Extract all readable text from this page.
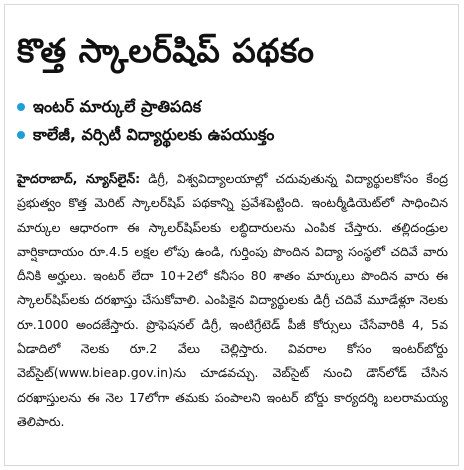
కొత్త స్కాలర్‌షిప్‌ పథకం
ఇంటర్‌ మార్కులే ప్రాతిపదిక
కాలేజీ, వర్సిటీ విద్యార్థులకు ఉపయుక్తం

హైదరాబాద్‌, న్యూస్‌లైన్‌: డిగ్రీ, విశ్వవిద్యాలయాల్లో చదువుతున్న విద్యార్థులకోసం కేంద్ర ప్రభుత్వం కొత్త మెరిట్‌ స్కాలర్‌షిప్‌ పథకాన్ని ప్రవేశపెట్టింది. ఇంటర్మీడియెట్‌లో సాధించిన మార్కుల ఆధారంగా ఈ స్కాలర్‌షిప్‌లకు లబ్ధిదారులను ఎంపిక చేస్తారు. తల్లిదండ్రుల వార్షికాదాయం రూ.4.5 లక్షల లోపు ఉండి, గుర్తింపు పొందిన విద్యా సంస్థలో చదివే వారు దీనికి అర్హులు. ఇంటర్‌ లేదా 10+2లో కనీసం 80 శాతం మార్కులు పొందిన వారు ఈ స్కాలర్‌షిప్‌లకు దరఖాస్తు చేసుకోవాలి. ఎంపికైన విద్యార్థులకు డిగ్రీ చదివే మూడేళ్లూ నెలకు రూ.1000 అందజేస్తారు. ప్రొఫెషనల్‌ డిగ్రీ, ఇంటిగ్రేటెడ్‌ పీజీ కోర్సులు చేసేవారికి 4, 5వ ఏడాదిలో నెలకు రూ.2 వేలు చెల్లిస్తారు. వివరాల కోసం ఇంటర్‌బోర్డు వెబ్‌సైట్‌(www.bieap.gov.in)ను చూడవచ్చు. వెబ్‌సైట్‌ నుంచి డౌన్‌లోడ్‌ చేసిన దరఖాస్తులను ఈ నెల 17లోగా తమకు పంపాలని ఇంటర్‌ బోర్డు కార్యదర్శి బలరామయ్య తెలిపారు.
